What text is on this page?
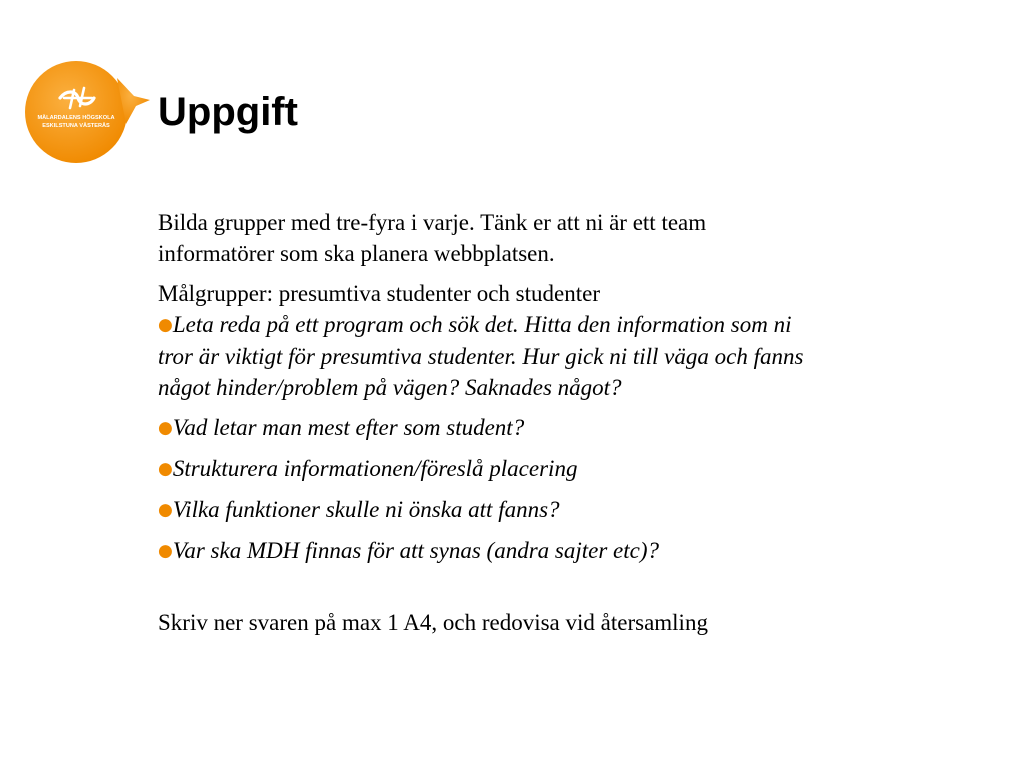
MÄLARDALENS HÖGSKOLA
ESKILSTUNA VÄSTERÅS Uppgift

Bilda grupper med tre-fyra i varje. Tänk er att ni är ett team informatörer som ska planera webbplatsen.

Målgrupper: presumtiva studenter och studenter

●Leta reda på ett program och sök det. Hitta den information som ni tror är viktigt för presumtiva studenter. Hur gick ni till väga och fanns något hinder/problem på vägen? Saknades något?
●Vad letar man mest efter som student?
●Strukturera informationen/föreslå placering
●Vilka funktioner skulle ni önska att fanns?
●Var ska MDH finnas för att synas (andra sajter etc)?

Skriv ner svaren på max 1 A4, och redovisa vid återsamling
